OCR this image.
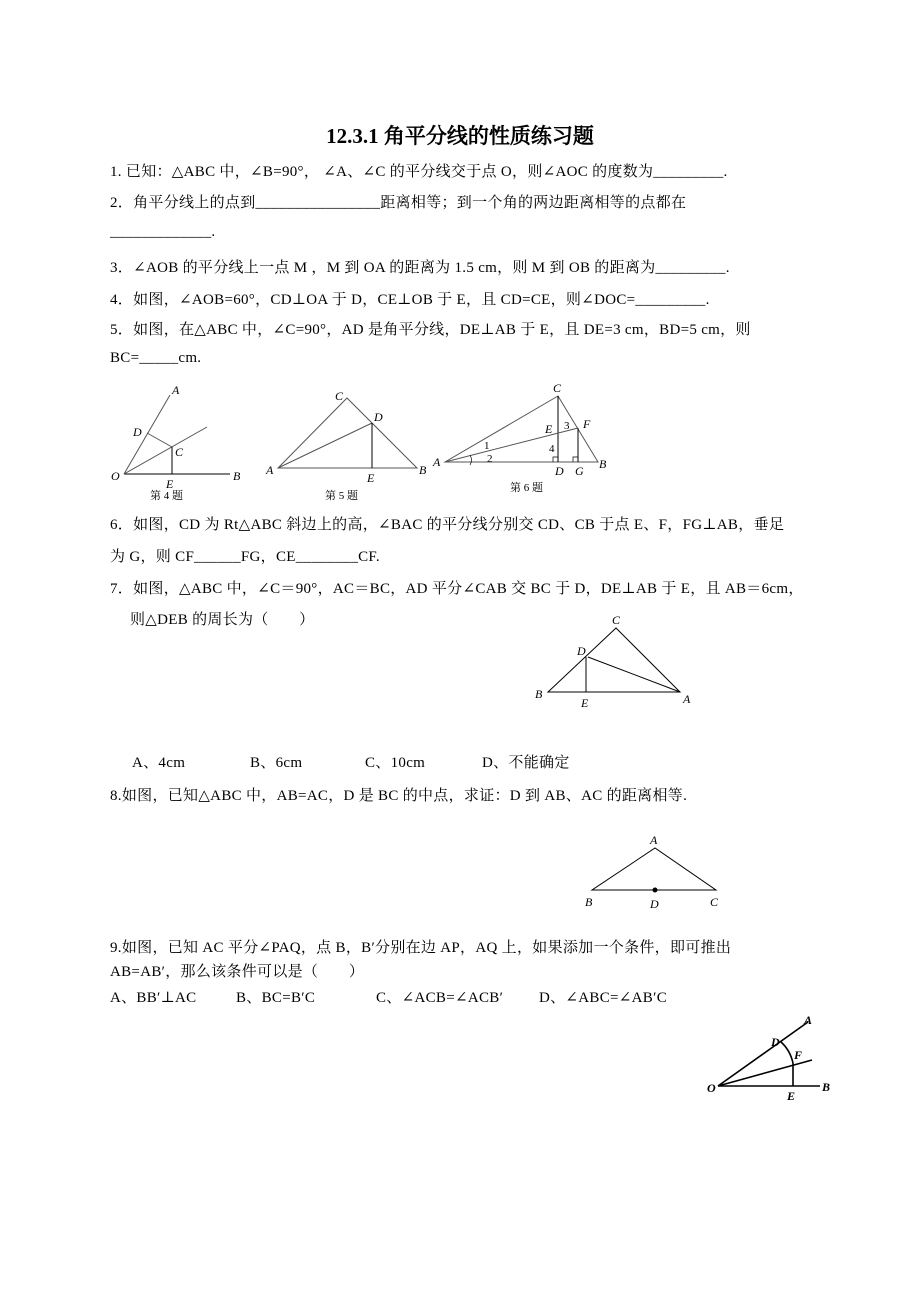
12.3.1 角平分线的性质练习题
1. 已知：△ABC 中，∠B=90°， ∠A、∠C 的平分线交于点 O，则∠AOC 的度数为_________.
2．角平分线上的点到________________距离相等；到一个角的两边距离相等的点都在
_____________.
3．∠AOB 的平分线上一点 M ，M 到 OA 的距离为 1.5 cm，则 M 到 OB 的距离为_________.
4．如图，∠AOB=60°，CD⊥OA 于 D，CE⊥OB 于 E，且 CD=CE，则∠DOC=_________.
5．如图，在△ABC 中，∠C=90°，AD 是角平分线，DE⊥AB 于 E，且 DE=3 cm，BD=5 cm，则
BC=_____cm.
6．如图，CD 为 Rt△ABC 斜边上的高，∠BAC 的平分线分别交 CD、CB 于点 E、F，FG⊥AB，垂足
为 G，则 CF______FG，CE________CF.
7．如图，△ABC 中，∠C＝90°，AC＝BC，AD 平分∠CAB 交 BC 于 D，DE⊥AB 于 E，且 AB＝6cm，
则△DEB 的周长为（　　）
A、4cm	B、6cm	C、10cm	D、不能确定
8.如图，已知△ABC 中，AB=AC，D 是 BC 的中点，求证：D 到 AB、AC 的距离相等.
9.如图，已知 AC 平分∠PAQ，点 B，B′分别在边 AP，AQ 上，如果添加一个条件，即可推出
AB=AB′，那么该条件可以是（　　）
A、BB′⊥AC	B、BC=B′C	C、∠ACB=∠ACB′ D、∠ABC=∠AB′C
A
D
C
O
E
B
第 4 题
C
D
A
E
B
第 5 题
C
E	F
A
D G B
1
2
3
4
第 6 题
C
D
B
E	A
A
B	D	C
A
D
F
O
E
B
